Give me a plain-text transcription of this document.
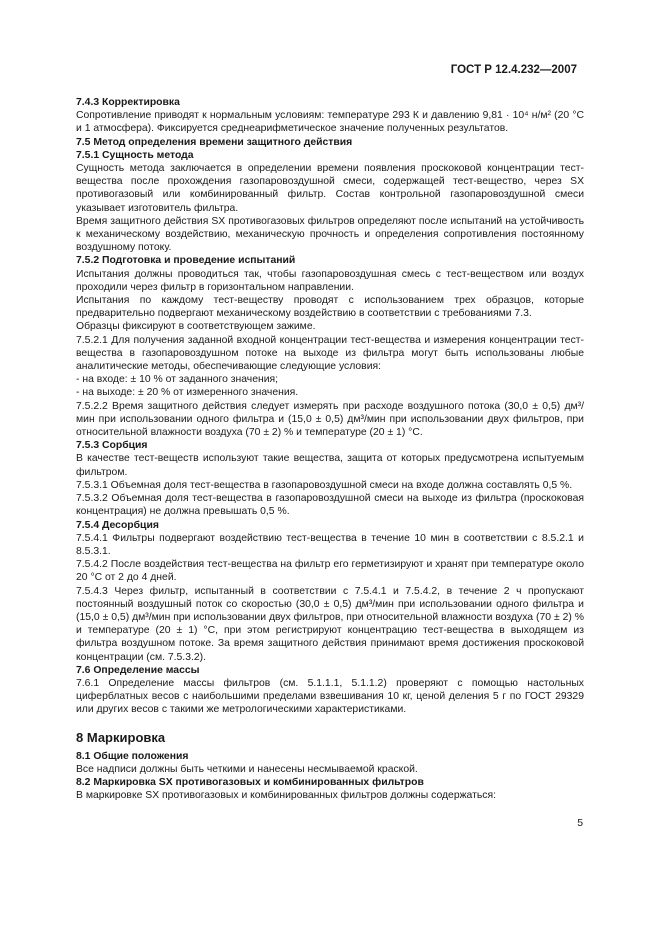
ГОСТ Р 12.4.232—2007
7.4.3 Корректировка

Сопротивление приводят к нормальным условиям: температуре 293 К и давлению 9,81 · 10⁴ н/м² (20 °С и 1 атмосфера). Фиксируется среднеарифметическое значение полученных результатов.

7.5 Метод определения времени защитного действия
7.5.1 Сущность метода

Сущность метода заключается в определении времени появления проскоковой концентрации тест-вещества после прохождения газопаровоздушной смеси, содержащей тест-вещество, через SX противогазовый или комбинированный фильтр. Состав контрольной газопаровоздушной смеси указывает изготовитель фильтра.

Время защитного действия SX противогазовых фильтров определяют после испытаний на устойчивость к механическому воздействию, механическую прочность и определения сопротивления постоянному воздушному потоку.

7.5.2 Подготовка и проведение испытаний

Испытания должны проводиться так, чтобы газопаровоздушная смесь с тест-веществом или воздух проходили через фильтр в горизонтальном направлении.

Испытания по каждому тест-веществу проводят с использованием трех образцов, которые предварительно подвергают механическому воздействию в соответствии с требованиями 7.3.

Образцы фиксируют в соответствующем зажиме.

7.5.2.1 Для получения заданной входной концентрации тест-вещества и измерения концентрации тест-вещества в газопаровоздушном потоке на выходе из фильтра могут быть использованы любые аналитические методы, обеспечивающие следующие условия:

- на входе: ± 10 % от заданного значения;

- на выходе: ± 20 % от измеренного значения.

7.5.2.2 Время защитного действия следует измерять при расходе воздушного потока (30,0 ± 0,5) дм³/мин при использовании одного фильтра и (15,0 ± 0,5) дм³/мин при использовании двух фильтров, при относительной влажности воздуха (70 ± 2) % и температуре (20 ± 1) °С.

7.5.3 Сорбция

В качестве тест-веществ используют такие вещества, защита от которых предусмотрена испытуемым фильтром.

7.5.3.1 Объемная доля тест-вещества в газопаровоздушной смеси на входе должна составлять 0,5 %.

7.5.3.2 Объемная доля тест-вещества в газопаровоздушной смеси на выходе из фильтра (проскоковая концентрация) не должна превышать 0,5 %.

7.5.4 Десорбция

7.5.4.1 Фильтры подвергают воздействию тест-вещества в течение 10 мин в соответствии с 8.5.2.1 и 8.5.3.1.

7.5.4.2 После воздействия тест-вещества на фильтр его герметизируют и хранят при температуре около 20 °С от 2 до 4 дней.

7.5.4.3 Через фильтр, испытанный в соответствии с 7.5.4.1 и 7.5.4.2, в течение 2 ч пропускают постоянный воздушный поток со скоростью (30,0 ± 0,5) дм³/мин при использовании одного фильтра и (15,0 ± 0,5) дм³/мин при использовании двух фильтров, при относительной влажности воздуха (70 ± 2) % и температуре (20 ± 1) °С, при этом регистрируют концентрацию тест-вещества в выходящем из фильтра воздушном потоке. За время защитного действия принимают время достижения проскоковой концентрации (см. 7.5.3.2).

7.6 Определение массы

7.6.1 Определение массы фильтров (см. 5.1.1.1, 5.1.1.2) проверяют с помощью настольных циферблатных весов с наибольшими пределами взвешивания 10 кг, ценой деления 5 г по ГОСТ 29329 или других весов с такими же метрологическими характеристиками.

8 Маркировка
8.1 Общие положения

Все надписи должны быть четкими и нанесены несмываемой краской.

8.2 Маркировка SX противогазовых и комбинированных фильтров

В маркировке SX противогазовых и комбинированных фильтров должны содержаться:

5
